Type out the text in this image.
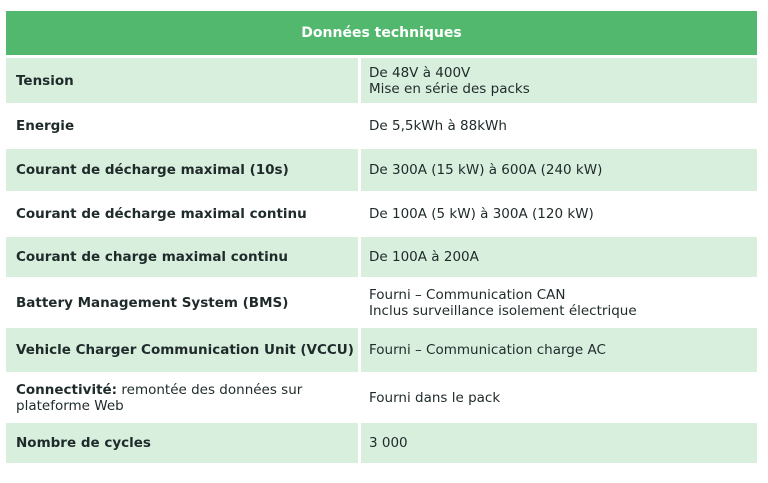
Données techniques
Tension	De 48V à 400V
Mise en série des packs
Energie	De 5,5kWh à 88kWh
Courant de décharge maximal (10s)	De 300A (15 kW) à 600A (240 kW)
Courant de décharge maximal continu	De 100A (5 kW) à 300A (120 kW)
Courant de charge maximal continu	De 100A à 200A
Battery Management System (BMS)	Fourni – Communication CAN
Inclus surveillance isolement électrique
Vehicle Charger Communication Unit (VCCU)	Fourni – Communication charge AC
Connectivité: remontée des données sur plateforme Web	Fourni dans le pack
Nombre de cycles	3 000
